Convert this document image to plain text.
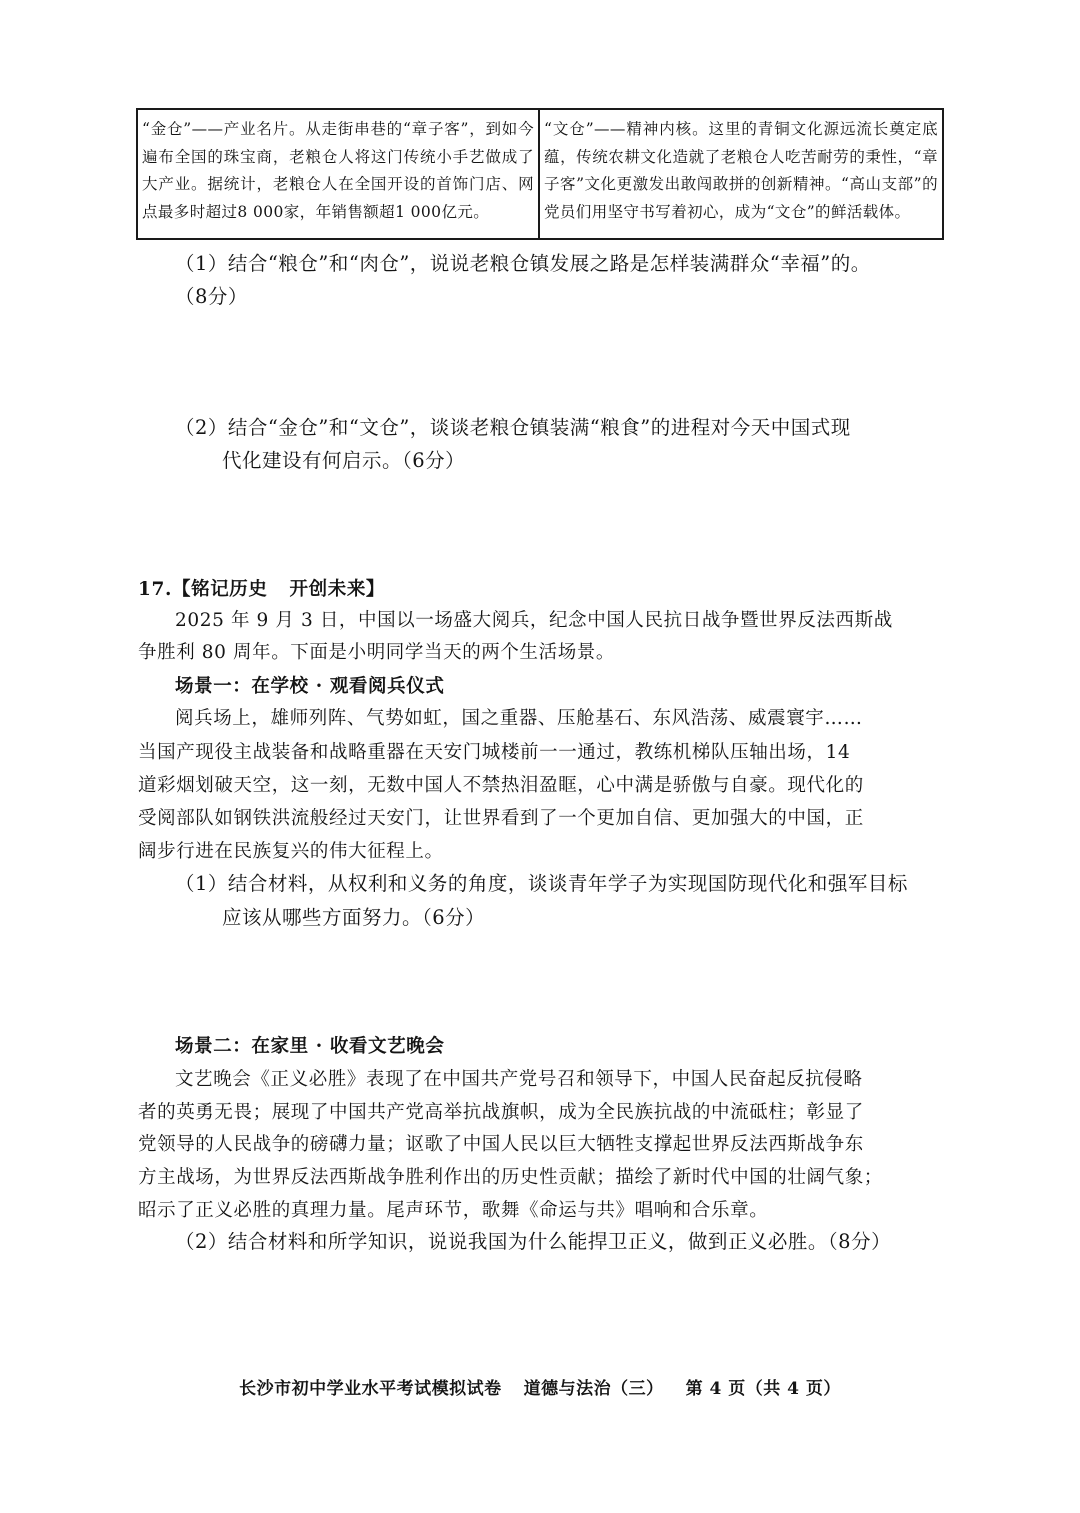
“金仓”——产业名片。从走街串巷的“章子客”，到如今遍布全国的珠宝商，老粮仓人将这门传统小手艺做成了大产业。据统计，老粮仓人在全国开设的首饰门店、网点最多时超过8 000家，年销售额超1 000亿元。
“文仓”——精神内核。这里的青铜文化源远流长奠定底蕴，传统农耕文化造就了老粮仓人吃苦耐劳的秉性，“章子客”文化更激发出敢闯敢拼的创新精神。“高山支部”的党员们用坚守书写着初心，成为“文仓”的鲜活载体。
（1）结合“粮仓”和“肉仓”，说说老粮仓镇发展之路是怎样装满群众“幸福”的。
（8分）
（2）结合“金仓”和“文仓”，谈谈老粮仓镇装满“粮食”的进程对今天中国式现
代化建设有何启示。（6分）
17.【铭记历史 开创未来】
2025 年 9 月 3 日，中国以一场盛大阅兵，纪念中国人民抗日战争暨世界反法西斯战
争胜利 80 周年。下面是小明同学当天的两个生活场景。
场景一：在学校 · 观看阅兵仪式
阅兵场上，雄师列阵、气势如虹，国之重器、压舱基石、东风浩荡、威震寰宇……
当国产现役主战装备和战略重器在天安门城楼前一一通过，教练机梯队压轴出场，14
道彩烟划破天空，这一刻，无数中国人不禁热泪盈眶，心中满是骄傲与自豪。现代化的
受阅部队如钢铁洪流般经过天安门，让世界看到了一个更加自信、更加强大的中国，正
阔步行进在民族复兴的伟大征程上。
（1）结合材料，从权利和义务的角度，谈谈青年学子为实现国防现代化和强军目标
应该从哪些方面努力。（6分）
场景二：在家里 · 收看文艺晚会
文艺晚会《正义必胜》表现了在中国共产党号召和领导下，中国人民奋起反抗侵略
者的英勇无畏；展现了中国共产党高举抗战旗帜，成为全民族抗战的中流砥柱；彰显了
党领导的人民战争的磅礴力量；讴歌了中国人民以巨大牺牲支撑起世界反法西斯战争东
方主战场，为世界反法西斯战争胜利作出的历史性贡献；描绘了新时代中国的壮阔气象；
昭示了正义必胜的真理力量。尾声环节，歌舞《命运与共》唱响和合乐章。
（2）结合材料和所学知识，说说我国为什么能捍卫正义，做到正义必胜。（8分）
长沙市初中学业水平考试模拟试卷 道德与法治（三） 第 4 页（共 4 页）
